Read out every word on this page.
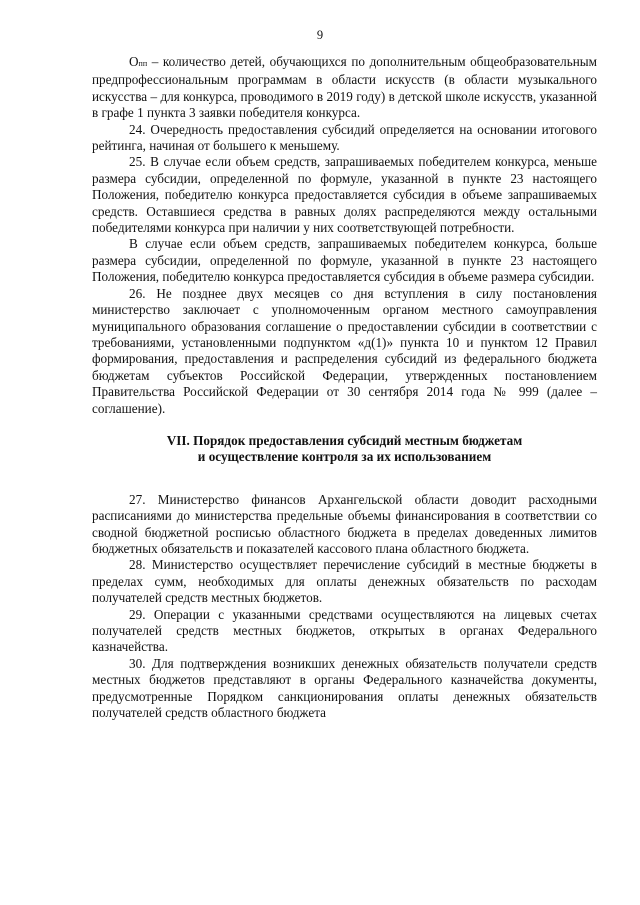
9

Опп – количество детей, обучающихся по дополнительным общеобразовательным предпрофессиональным программам в области искусств (в области музыкального искусства – для конкурса, проводимого в 2019 году) в детской школе искусств, указанной в графе 1 пункта 3 заявки победителя конкурса.

24. Очередность предоставления субсидий определяется на основании итогового рейтинга, начиная от большего к меньшему.

25. В случае если объем средств, запрашиваемых победителем конкурса, меньше размера субсидии, определенной по формуле, указанной в пункте 23 настоящего Положения, победителю конкурса предоставляется субсидия в объеме запрашиваемых средств. Оставшиеся средства в равных долях распределяются между остальными победителями конкурса при наличии у них соответствующей потребности.

В случае если объем средств, запрашиваемых победителем конкурса, больше размера субсидии, определенной по формуле, указанной в пункте 23 настоящего Положения, победителю конкурса предоставляется субсидия в объеме размера субсидии.

26. Не позднее двух месяцев со дня вступления в силу постановления министерство заключает с уполномоченным органом местного самоуправления муниципального образования соглашение о предоставлении субсидии в соответствии с требованиями, установленными подпунктом «д(1)» пункта 10 и пунктом 12 Правил формирования, предоставления и распределения субсидий из федерального бюджета бюджетам субъектов Российской Федерации, утвержденных постановлением Правительства Российской Федерации от 30 сентября 2014 года № 999 (далее – соглашение).

VII. Порядок предоставления субсидий местным бюджетам
и осуществление контроля за их использованием

27. Министерство финансов Архангельской области доводит расходными расписаниями до министерства предельные объемы финансирования в соответствии со сводной бюджетной росписью областного бюджета в пределах доведенных лимитов бюджетных обязательств и показателей кассового плана областного бюджета.

28. Министерство осуществляет перечисление субсидий в местные бюджеты в пределах сумм, необходимых для оплаты денежных обязательств по расходам получателей средств местных бюджетов.

29. Операции с указанными средствами осуществляются на лицевых счетах получателей средств местных бюджетов, открытых в органах Федерального казначейства.

30. Для подтверждения возникших денежных обязательств получатели средств местных бюджетов представляют в органы Федерального казначейства документы, предусмотренные Порядком санкционирования оплаты денежных обязательств получателей средств областного бюджета
